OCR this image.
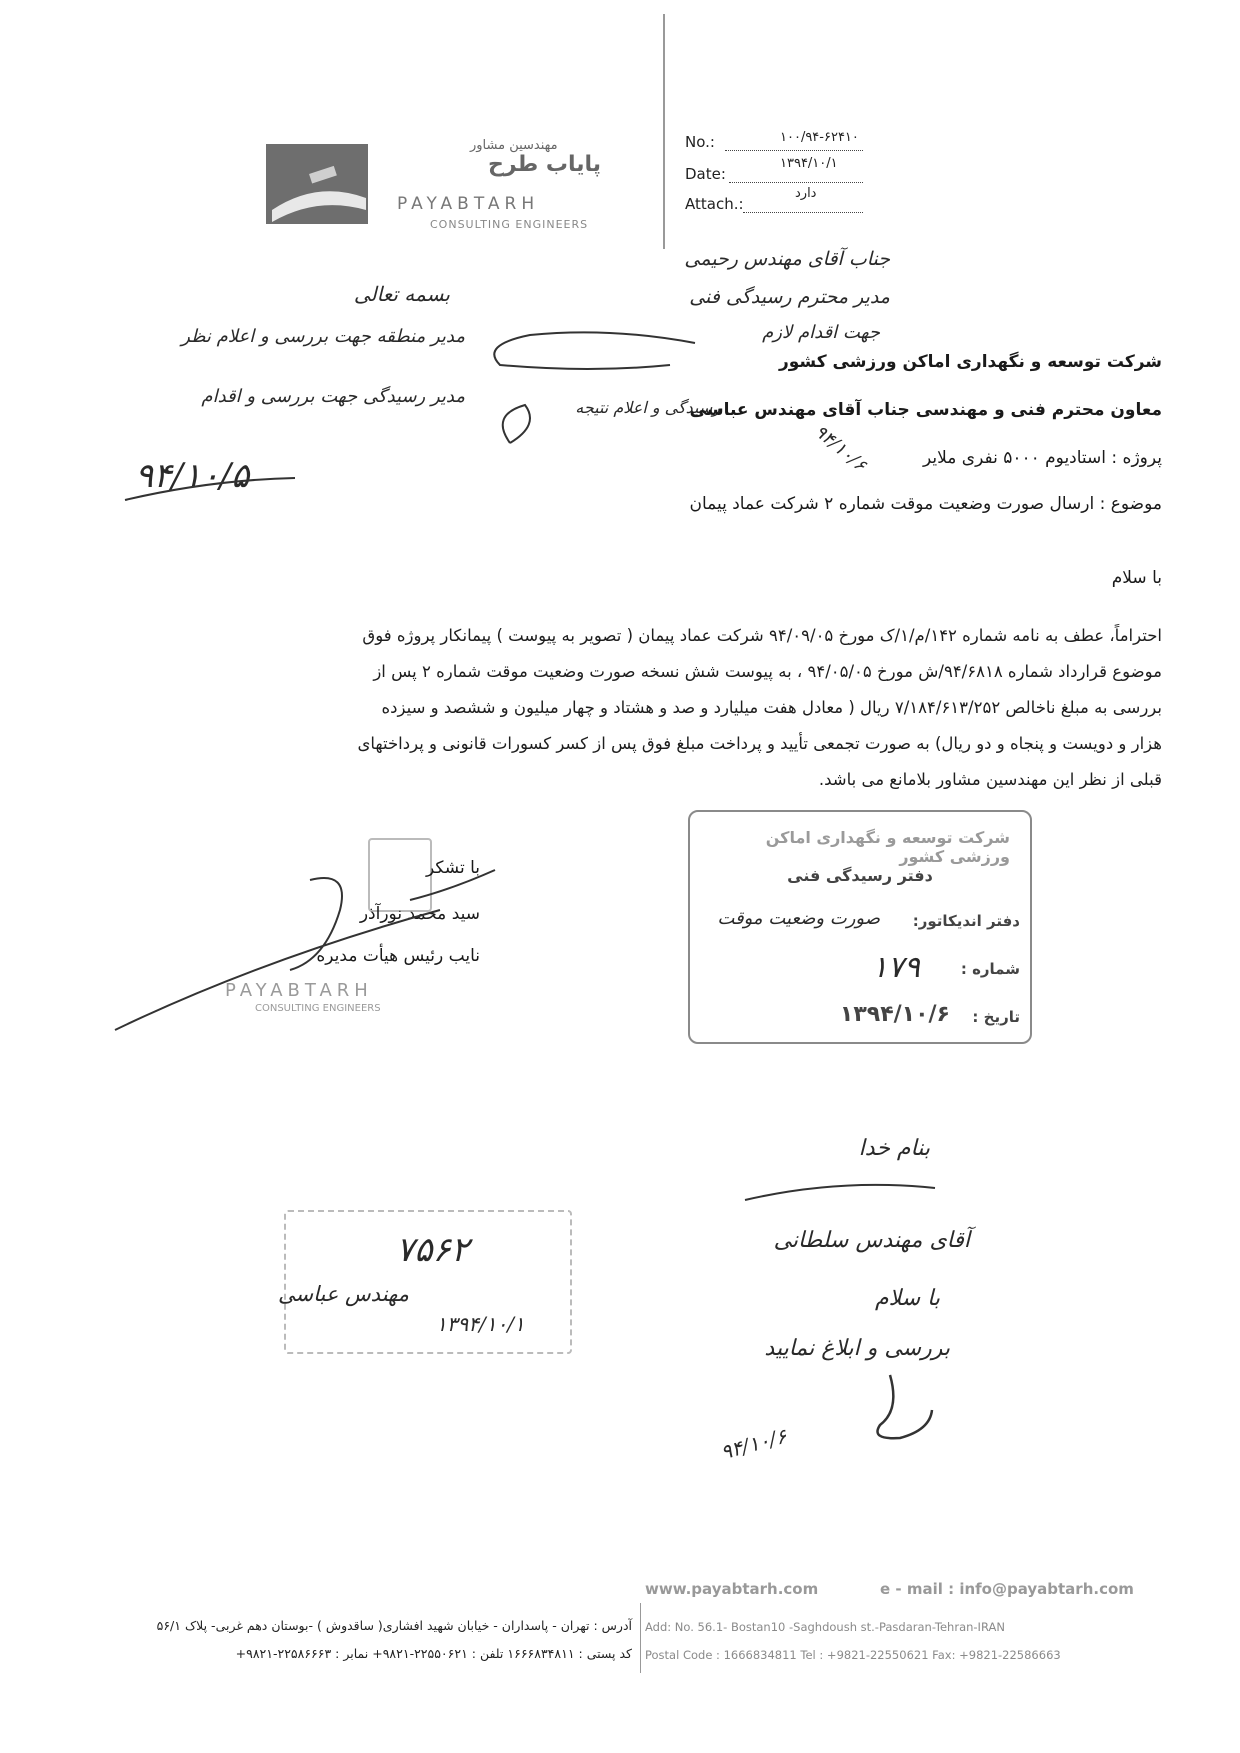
مهندسین مشاور
پایاب طرح
PAYABTARH
CONSULTING ENGINEERS
No.:	۱۰۰/۹۴-۶۲۴۱۰
۱۳۹۴/۱۰/۱
Date:
دارد
Attach.:
جناب آقای مهندس رحیمی
مدیر محترم رسیدگی فنی
جهت اقدام لازم
رسیدگی و اعلام نتیجه
بسمه تعالی
مدیر منطقه جهت بررسی و اعلام نظر
مدیر رسیدگی جهت بررسی و اقدام
۹۴/۱۰/۵
۹۴/۱۰/۶
شرکت توسعه و نگهداری اماکن ورزشی کشور
معاون محترم فنی و مهندسی جناب آقای مهندس عباسی
پروژه : استادیوم ۵۰۰۰ نفری ملایر
موضوع : ارسال صورت وضعیت موقت شماره ۲ شرکت عماد پیمان
با سلام
احتراماً، عطف به نامه شماره ۱۴۲/م/۱/ک مورخ ۹۴/۰۹/۰۵ شرکت عماد پیمان ( تصویر به پیوست ) پیمانکار پروژه فوق
موضوع قرارداد شماره ۹۴/۶۸۱۸/ش مورخ ۹۴/۰۵/۰۵ ، به پیوست شش نسخه صورت وضعیت موقت شماره ۲ پس از
بررسی به مبلغ ناخالص ۷/۱۸۴/۶۱۳/۲۵۲ ریال ( معادل هفت میلیارد و صد و هشتاد و چهار میلیون و ششصد و سیزده
هزار و دویست و پنجاه و دو ریال) به صورت تجمعی تأیید و پرداخت مبلغ فوق پس از کسر کسورات قانونی و پرداختهای
قبلی از نظر این مهندسین مشاور بلامانع می باشد.
با تشکر
سید محمد نورآذر
نایب رئیس هیأت مدیره
PAYABTARH
CONSULTING ENGINEERS
شرکت توسعه و نگهداری اماکن ورزشی کشور
دفتر رسیدگی فنی
دفتر اندیکاتور:
صورت وضعیت موقت
شماره :
۱۷۹
تاریخ :
۱۳۹۴/۱۰/۶
۷۵۶۲
مهندس عباسی
۱۳۹۴/۱۰/۱
بنام خدا
آقای مهندس سلطانی
با سلام
بررسی و ابلاغ نمایید
۹۴/۱۰/۶
www.payabtarh.com	e - mail : info@payabtarh.com
آدرس : تهران - پاسداران - خیابان شهید افشاری( ساقدوش ) -بوستان دهم غربی- پلاک ۵۶/۱
کد پستی : ۱۶۶۶۸۳۴۸۱۱ تلفن : ۲۲۵۵۰۶۲۱-۹۸۲۱+ نمابر : ۲۲۵۸۶۶۶۳-۹۸۲۱+
Add: No. 56.1- Bostan10 -Saghdoush st.-Pasdaran-Tehran-IRAN
Postal Code : 1666834811 Tel : +9821-22550621 Fax: +9821-22586663
